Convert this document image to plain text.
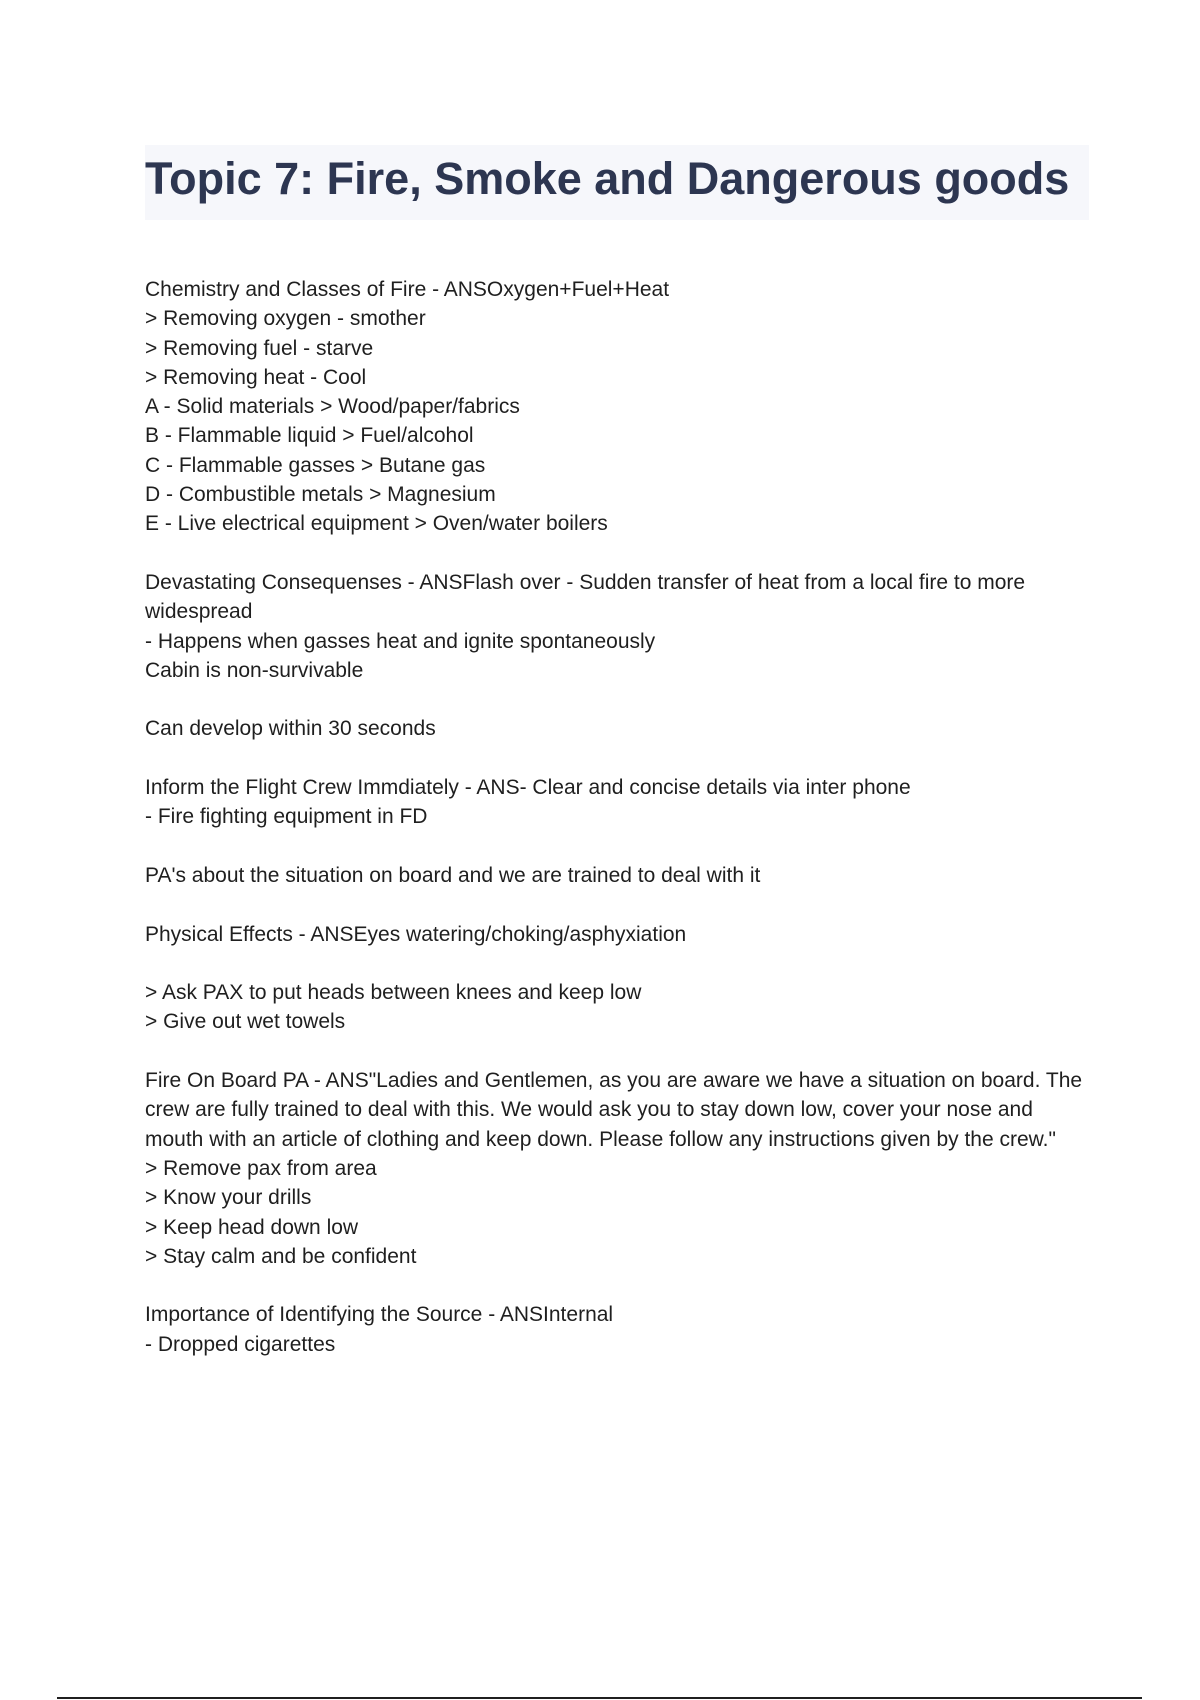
Topic 7: Fire, Smoke and Dangerous goods
Chemistry and Classes of Fire - ANSOxygen+Fuel+Heat
> Removing oxygen - smother
> Removing fuel - starve
> Removing heat - Cool
A - Solid materials > Wood/paper/fabrics
B - Flammable liquid > Fuel/alcohol
C - Flammable gasses > Butane gas
D - Combustible metals > Magnesium
E - Live electrical equipment > Oven/water boilers
Devastating Consequenses - ANSFlash over - Sudden transfer of heat from a local fire to more widespread
- Happens when gasses heat and ignite spontaneously
Cabin is non-survivable
Can develop within 30 seconds
Inform the Flight Crew Immdiately - ANS- Clear and concise details via inter phone
- Fire fighting equipment in FD
PA's about the situation on board and we are trained to deal with it
Physical Effects - ANSEyes watering/choking/asphyxiation
> Ask PAX to put heads between knees and keep low
> Give out wet towels
Fire On Board PA - ANS"Ladies and Gentlemen, as you are aware we have a situation on board. The crew are fully trained to deal with this. We would ask you to stay down low, cover your nose and mouth with an article of clothing and keep down. Please follow any instructions given by the crew."
> Remove pax from area
> Know your drills
> Keep head down low
> Stay calm and be confident
Importance of Identifying the Source - ANSInternal
- Dropped cigarettes
